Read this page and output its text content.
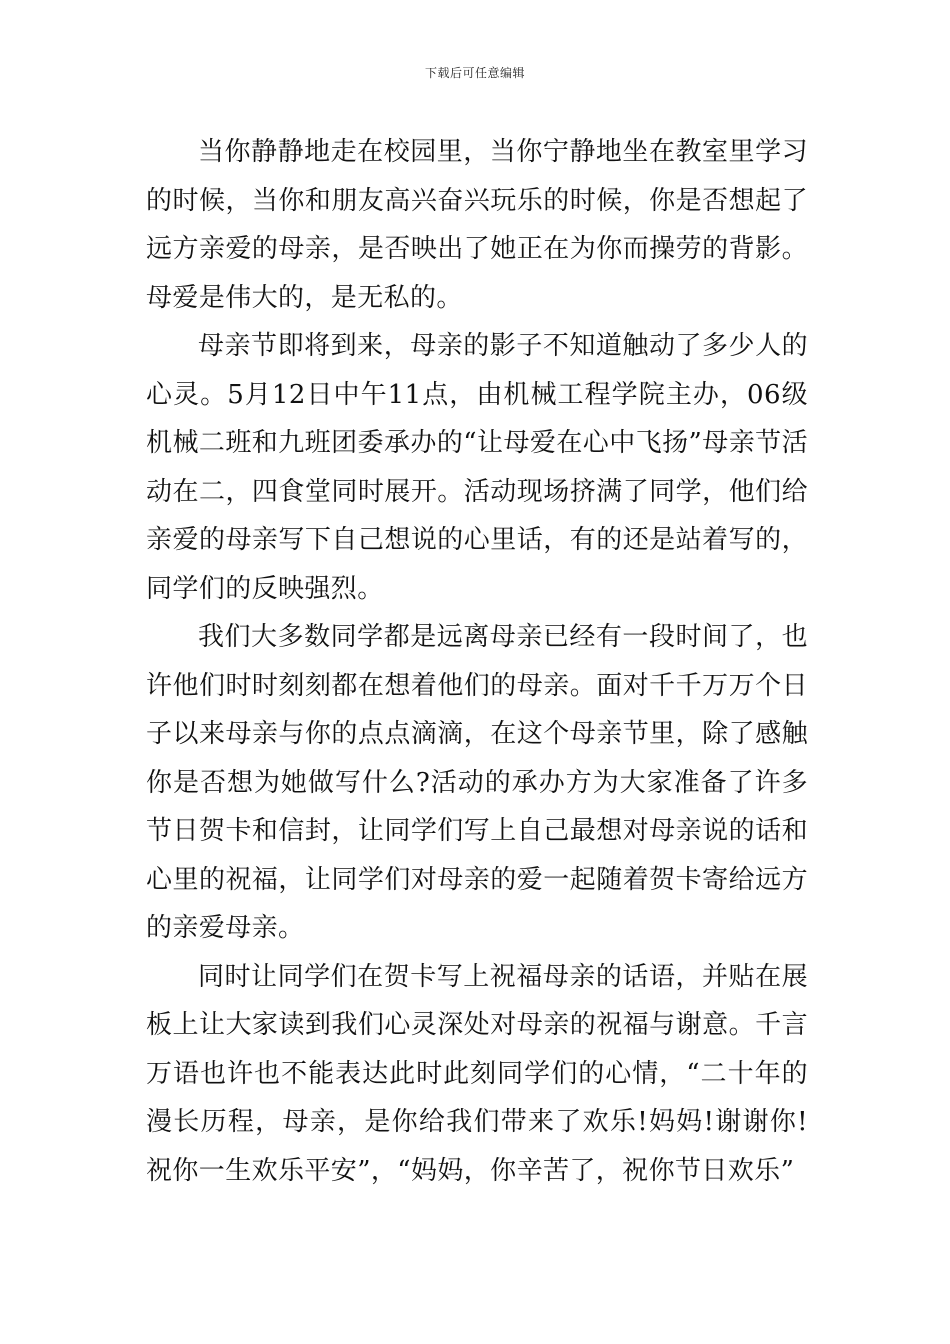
下载后可任意编辑

当你静静地走在校园里，当你宁静地坐在教室里学习的时候，当你和朋友高兴奋兴玩乐的时候，你是否想起了远方亲爱的母亲，是否映出了她正在为你而操劳的背影。母爱是伟大的，是无私的。

母亲节即将到来，母亲的影子不知道触动了多少人的心灵。5月12日中午11点，由机械工程学院主办，06级机械二班和九班团委承办的“让母爱在心中飞扬”母亲节活动在二，四食堂同时展开。活动现场挤满了同学，他们给亲爱的母亲写下自己想说的心里话，有的还是站着写的，同学们的反映强烈。

我们大多数同学都是远离母亲已经有一段时间了，也许他们时时刻刻都在想着他们的母亲。面对千千万万个日子以来母亲与你的点点滴滴，在这个母亲节里，除了感触你是否想为她做写什么?活动的承办方为大家准备了许多节日贺卡和信封，让同学们写上自己最想对母亲说的话和心里的祝福，让同学们对母亲的爱一起随着贺卡寄给远方的亲爱母亲。

同时让同学们在贺卡写上祝福母亲的话语，并贴在展板上让大家读到我们心灵深处对母亲的祝福与谢意。千言万语也许也不能表达此时此刻同学们的心情，“二十年的漫长历程，母亲，是你给我们带来了欢乐!妈妈!谢谢你!祝你一生欢乐平安”，“妈妈，你辛苦了，祝你节日欢乐”
